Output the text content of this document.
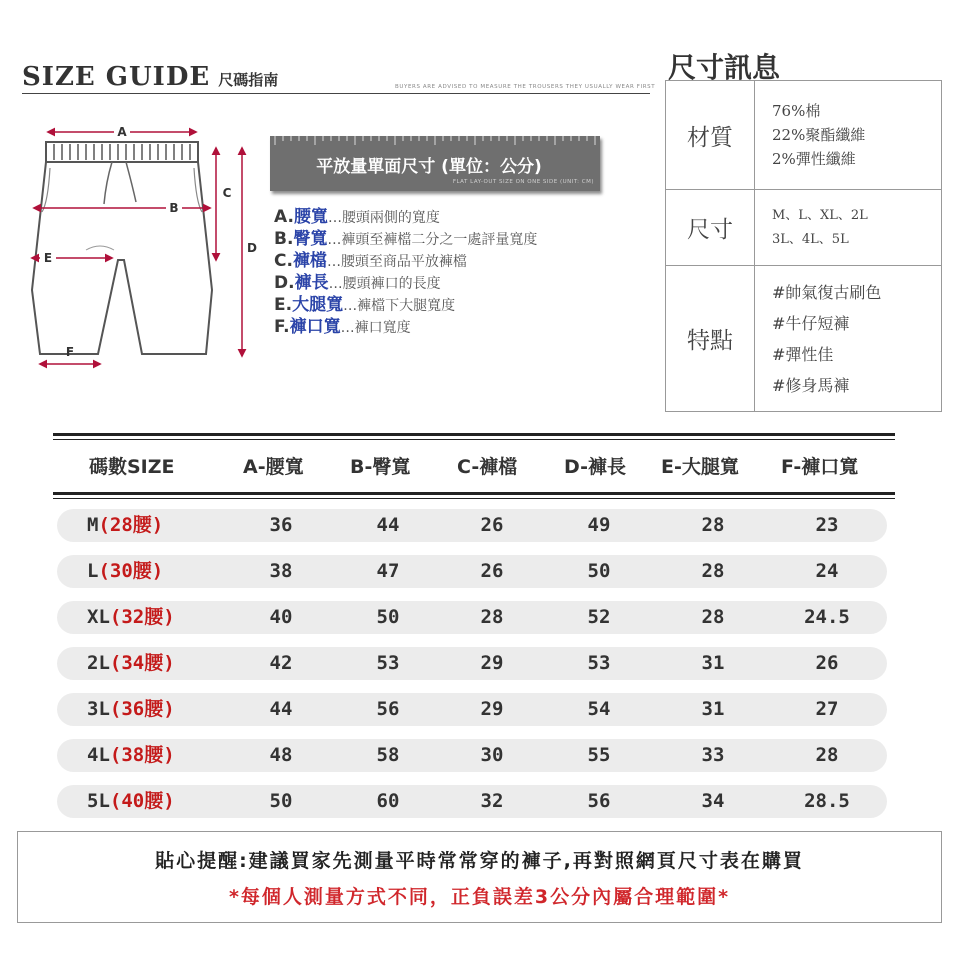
SIZE GUIDE 尺碼指南	BUYERS ARE ADVISED TO MEASURE THE TROUSERS THEY USUALLY WEAR FIRST
A
B
C
D
E
F
平放量單面尺寸 (單位：公分)
FLAT LAY-OUT SIZE ON ONE SIDE (UNIT: CM)
A.腰寬…腰頭兩側的寬度
B.臀寬…褲頭至褲檔二分之一處評量寬度
C.褲檔…腰頭至商品平放褲檔
D.褲長…腰頭褲口的長度
E.大腿寬…褲檔下大腿寬度
F.褲口寬…褲口寬度
尺寸訊息
材質
76%棉
22%聚酯纖維
2%彈性纖維
尺寸
M、L、XL、2L
3L、4L、5L
特點
#帥氣復古刷色
#牛仔短褲
#彈性佳
#修身馬褲
碼數SIZE	A-腰寬 B-臀寬 C-褲檔 D-褲長 E-大腿寬 F-褲口寬
M(28腰)	36	44	26	49	28	23
L(30腰)	38	47	26	50	28	24
XL(32腰)	40	50	28	52	28	24.5
2L(34腰)	42	53	29	53	31	26
3L(36腰)	44	56	29	54	31	27
4L(38腰)	48	58	30	55	33	28
5L(40腰)	50	60	32	56	34	28.5
貼心提醒:建議買家先測量平時常常穿的褲子,再對照網頁尺寸表在購買
*每個人測量方式不同，正負誤差3公分內屬合理範圍*
